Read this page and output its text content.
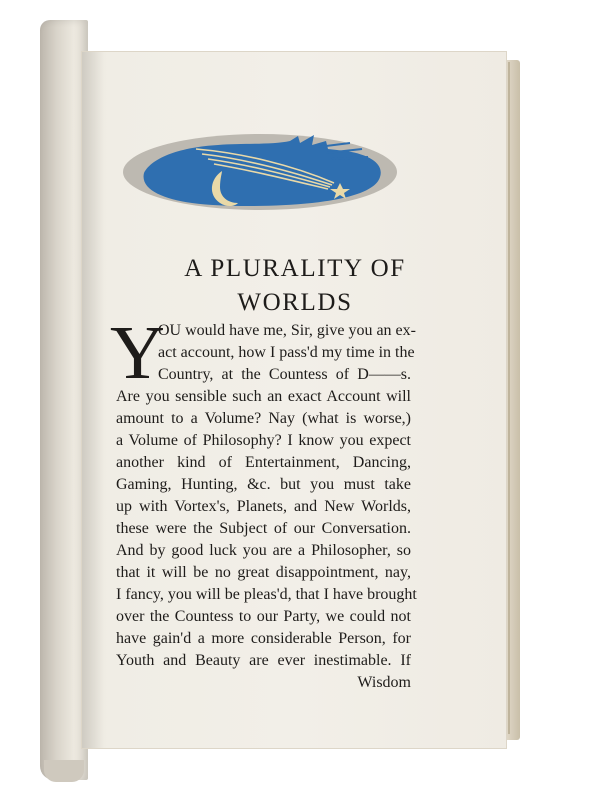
A PLURALITY OF
WORLDS
Y
OU would have me, Sir, give you an ex-
act account, how I pass'd my time in the
Country, at the Countess of D——s.
Are you sensible such an exact Account will
amount to a Volume? Nay (what is worse,)
a Volume of Philosophy? I know you expect
another kind of Entertainment, Dancing,
Gaming, Hunting, &c. but you must take
up with Vortex's, Planets, and New Worlds,
these were the Subject of our Conversation.
And by good luck you are a Philosopher, so
that it will be no great disappointment, nay,
I fancy, you will be pleas'd, that I have brought
over the Countess to our Party, we could not
have gain'd a more considerable Person, for
Youth and Beauty are ever inestimable. If
Wisdom
